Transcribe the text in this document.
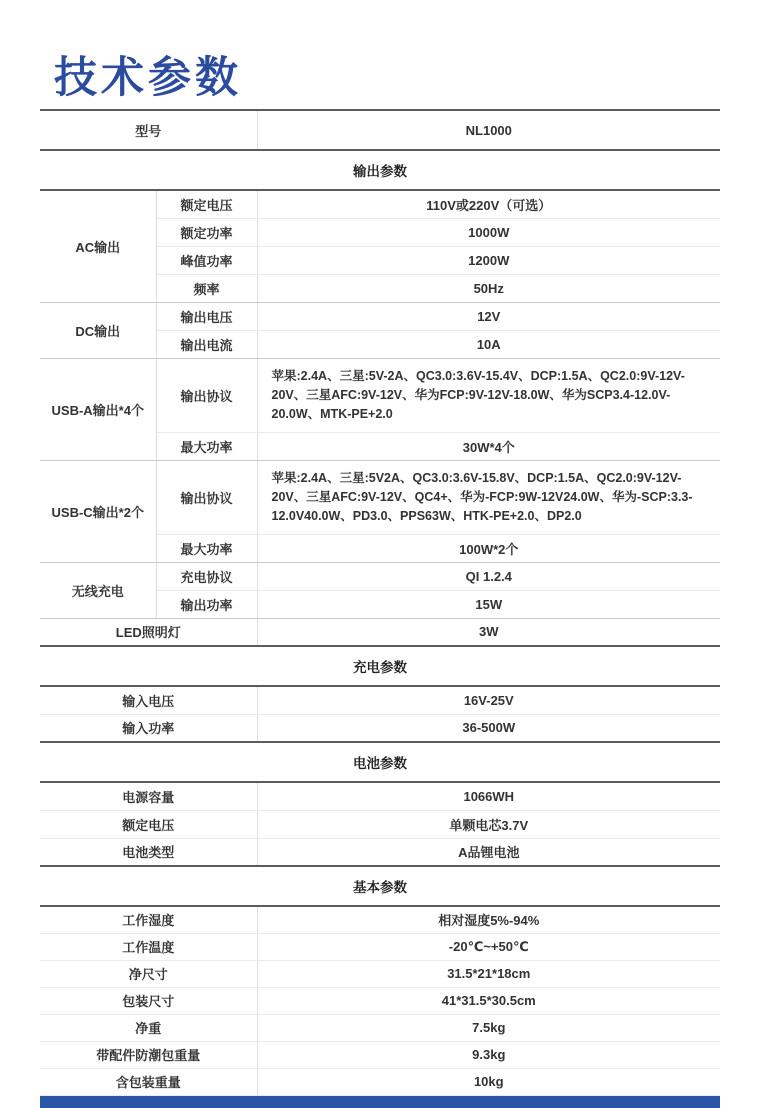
技术参数
型号		NL1000
输出参数		
AC输出	额定电压	110V或220V（可选）
	额定功率	1000W
	峰值功率	1200W
	频率	50Hz
DC输出	输出电压	12V
	输出电流	10A
USB-A输出*4个	输出协议	苹果:2.4A、三星:5V-2A、QC3.0:3.6V-15.4V、DCP:1.5A、QC2.0:9V-12V-20V、三星AFC:9V-12V、华为FCP:9V-12V-18.0W、华为SCP3.4-12.0V-20.0W、MTK-PE+2.0
	最大功率	30W*4个
USB-C输出*2个	输出协议	苹果:2.4A、三星:5V2A、QC3.0:3.6V-15.8V、DCP:1.5A、QC2.0:9V-12V-20V、三星AFC:9V-12V、QC4+、华为-FCP:9W-12V24.0W、华为-SCP:3.3-12.0V40.0W、PD3.0、PPS63W、HTK-PE+2.0、DP2.0
	最大功率	100W*2个
无线充电	充电协议	QI 1.2.4
	输出功率	15W
LED照明灯		3W
充电参数		
输入电压		16V-25V
输入功率		36-500W
电池参数		
电源容量		1066WH
额定电压		单颗电芯3.7V
电池类型		A品锂电池
基本参数		
工作湿度		相对湿度5%-94%
工作温度		-20℃~+50℃
净尺寸		31.5*21*18cm
包装尺寸		41*31.5*30.5cm
净重		7.5kg
带配件防潮包重量		9.3kg
含包装重量		10kg
